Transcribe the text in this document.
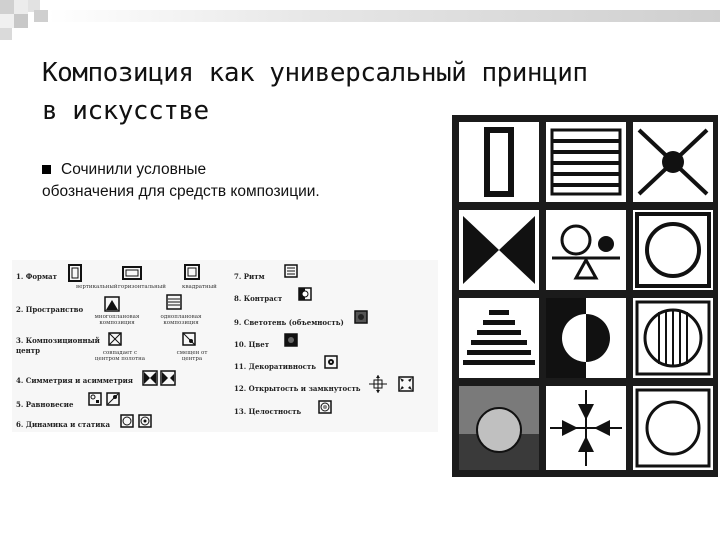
Композиция как универсальный принцип
в искусстве
Сочинили условные
обозначения для средств композиции.
1. Формат
2. Пространство
3. Композиционный центр
4. Симметрия и асимметрия
5. Равновесие
6. Динамика и статика
вертикальный горизонтальный	квадратный
многоплановая композиция
одноплановая композиция
совпадает с центром полотна
смещен от центра
7. Ритм
8. Контраст
9. Светотень (объемность)
10. Цвет
11. Декоративность
12. Открытость и замкнутость
13. Целостность
